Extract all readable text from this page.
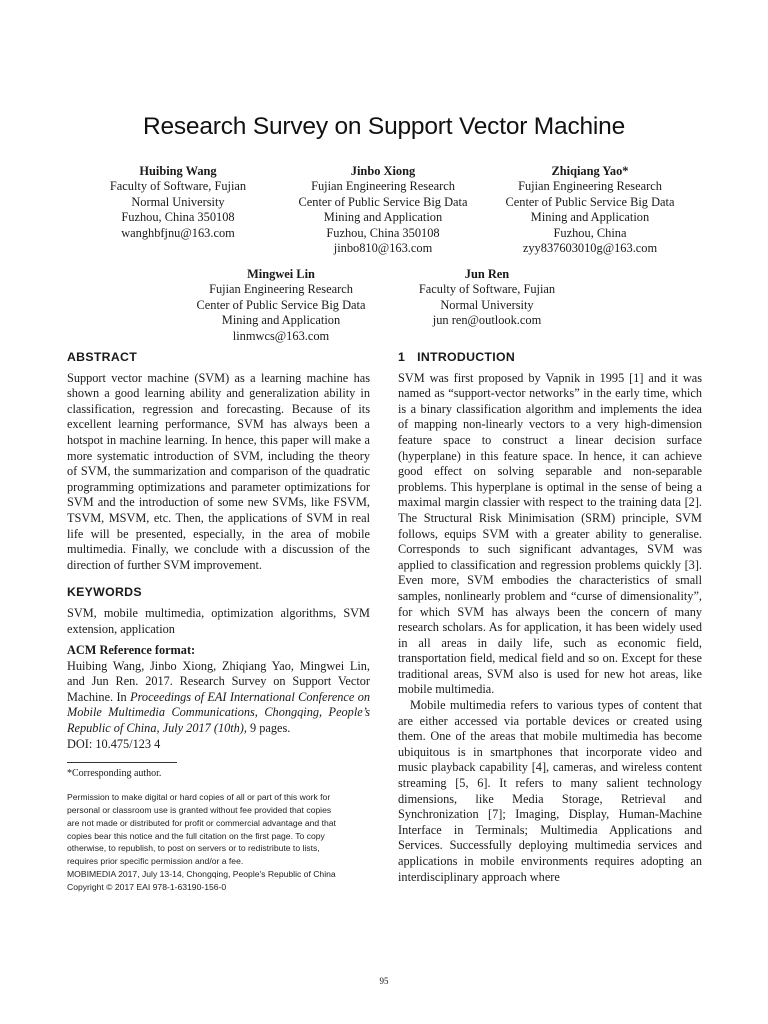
Research Survey on Support Vector Machine
Huibing Wang
Faculty of Software, Fujian
Normal University
Fuzhou, China 350108
wanghbfjnu@163.com
Jinbo Xiong
Fujian Engineering Research
Center of Public Service Big Data
Mining and Application
Fuzhou, China 350108
jinbo810@163.com
Zhiqiang Yao*
Fujian Engineering Research
Center of Public Service Big Data
Mining and Application
Fuzhou, China
zyy837603010g@163.com
Mingwei Lin
Fujian Engineering Research
Center of Public Service Big Data
Mining and Application
linmwcs@163.com
Jun Ren
Faculty of Software, Fujian
Normal University
jun ren@outlook.com
ABSTRACT

Support vector machine (SVM) as a learning machine has shown a good learning ability and generalization ability in classification, regression and forecasting. Because of its excellent learning performance, SVM has always been a hotspot in machine learning. In hence, this paper will make a more systematic introduction of SVM, including the theory of SVM, the summarization and comparison of the quadratic programming optimizations and parameter optimizations for SVM and the introduction of some new SVMs, like FSVM, TSVM, MSVM, etc. Then, the applications of SVM in real life will be presented, especially, in the area of mobile multimedia. Finally, we conclude with a discussion of the direction of further SVM improvement.

KEYWORDS

SVM, mobile multimedia, optimization algorithms, SVM extension, application

ACM Reference format:

Huibing Wang, Jinbo Xiong, Zhiqiang Yao, Mingwei Lin, and Jun Ren. 2017. Research Survey on Support Vector Machine. In Proceedings of EAI International Conference on Mobile Multimedia Communications, Chongqing, People’s Republic of China, July 2017 (10th), 9 pages.

DOI: 10.475/123 4
*Corresponding author.
Permission to make digital or hard copies of all or part of this work for
personal or classroom use is granted without fee provided that copies
are not made or distributed for profit or commercial advantage and that
copies bear this notice and the full citation on the first page. To copy
otherwise, to republish, to post on servers or to redistribute to lists,
requires prior specific permission and/or a fee.
MOBIMEDIA 2017, July 13-14, Chongqing, People's Republic of China
Copyright © 2017 EAI 978-1-63190-156-0
1 INTRODUCTION

SVM was first proposed by Vapnik in 1995 [1] and it was named as “support-vector networks” in the early time, which is a binary classification algorithm and implements the idea of mapping non-linearly vectors to a very high-dimension feature space to construct a linear decision surface (hyperplane) in this feature space. In hence, it can achieve good effect on solving separable and non-separable problems. This hyperplane is optimal in the sense of being a maximal margin classier with respect to the training data [2]. The Structural Risk Minimisation (SRM) principle, SVM follows, equips SVM with a greater ability to generalise. Corresponds to such significant advantages, SVM was applied to classification and regression problems quickly [3]. Even more, SVM embodies the characteristics of small samples, nonlinearly problem and “curse of dimensionality”, for which SVM has always been the concern of many research scholars. As for application, it has been widely used in all areas in daily life, such as economic field, transportation field, medical field and so on. Except for these traditional areas, SVM also is used for new hot areas, like mobile multimedia.

Mobile multimedia refers to various types of content that are either accessed via portable devices or created using them. One of the areas that mobile multimedia has become ubiquitous is in smartphones that incorporate video and music playback capability [4], cameras, and wireless content streaming [5, 6]. It refers to many salient technology dimensions, like Media Storage, Retrieval and Synchronization [7]; Imaging, Display, Human-Machine Interface in Terminals; Multimedia Applications and Services. Successfully deploying multimedia services and applications in mobile environments requires adopting an interdisciplinary approach where

95
